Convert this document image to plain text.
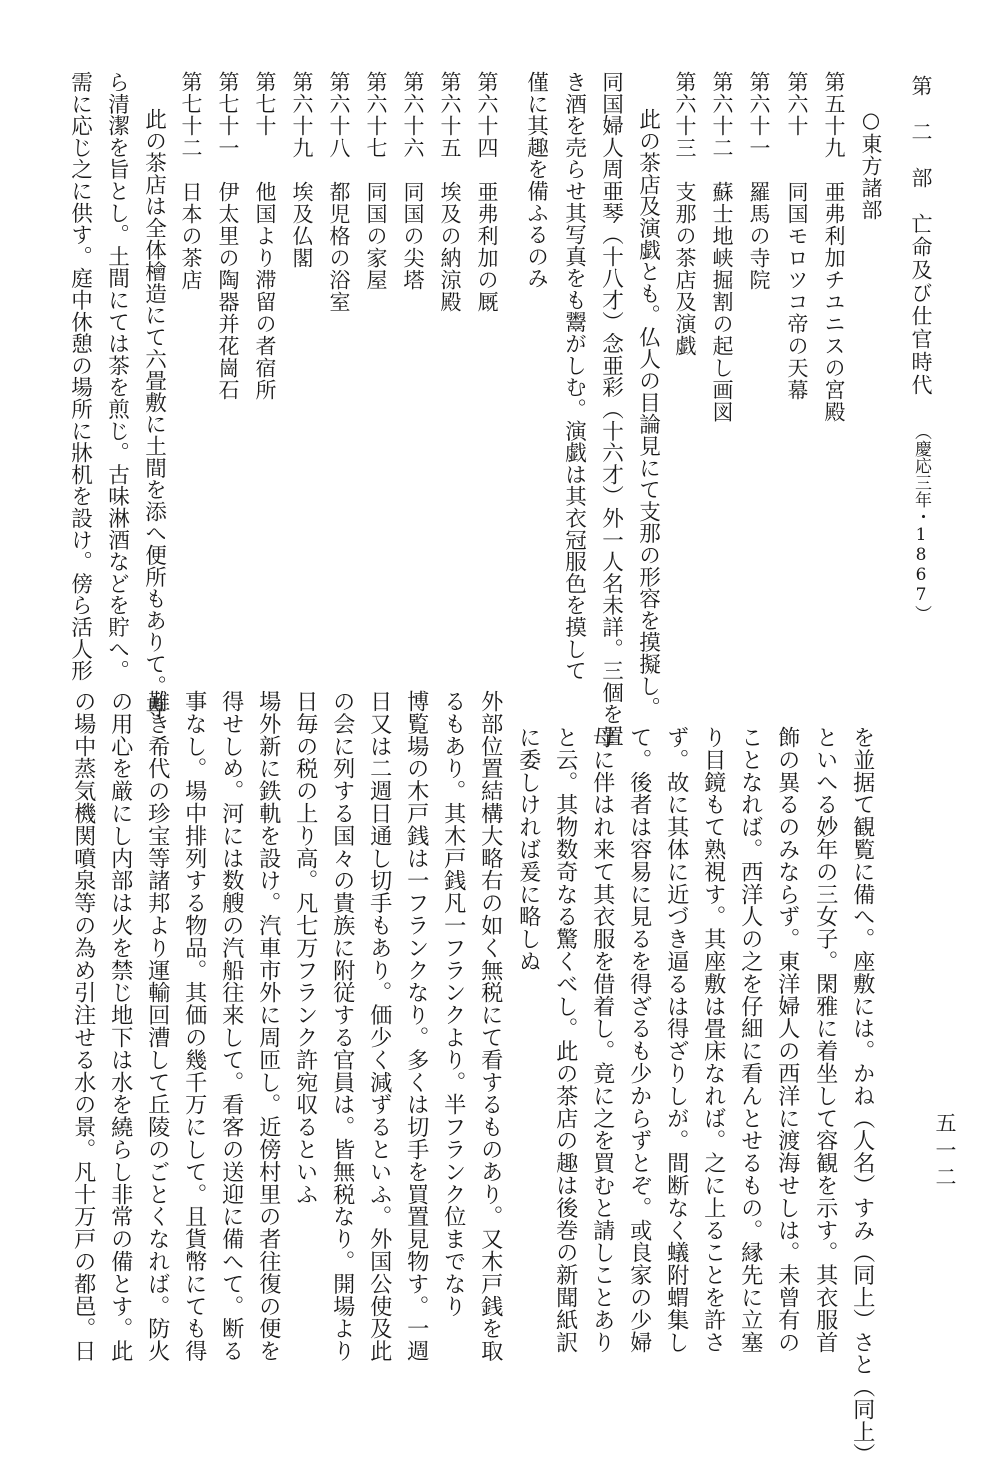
第　二　部　亡命及び仕官時代 （慶応三年・1867）
五一二
○東方諸部
第五十九　亜弗利加チユニスの宮殿
第六十　　同国モロツコ帝の天幕
第六十一　羅馬の寺院
第六十二　蘇士地峡掘割の起し画図
第六十三　支那の茶店及演戯
此の茶店及演戯とも。仏人の目論見にて支那の形容を摸擬し。
同国婦人周亜琴（十八才）念亜彩（十六才）外一人名未詳。三個を置
き酒を売らせ其写真をも鬻がしむ。演戯は其衣冠服色を摸して
僅に其趣を備ふるのみ
第六十四　亜弗利加の厩
第六十五　埃及の納涼殿
第六十六　同国の尖塔
第六十七　同国の家屋
第六十八　都児格の浴室
第六十九　埃及仏閣
第七十　　他国より滞留の者宿所
第七十一　伊太里の陶器并花崗石
第七十二　日本の茶店
此の茶店は全体檜造にて六畳敷に土間を添へ便所もありて。専
ら清潔を旨とし。土間にては茶を煎じ。古味淋酒などを貯へ。
需に応じ之に供す。庭中休憩の場所に牀机を設け。傍ら活人形
を並据て観覧に備へ。座敷には。かね（人名）すみ（同上）さと（同上）
といへる妙年の三女子。閑雅に着坐して容観を示す。其衣服首
飾の異るのみならず。東洋婦人の西洋に渡海せしは。未曾有の
ことなれば。西洋人の之を仔細に看んとせるもの。縁先に立塞
り目鏡もて熟視す。其座敷は畳床なれば。之に上ることを許さ
ず。故に其体に近づき逼るは得ざりしが。間断なく蟻附蝟集し
て。後者は容易に見るを得ざるも少からずとぞ。或良家の少婦
母に伴はれ来て其衣服を借着し。竟に之を買むと請しことあり
と云。其物数奇なる驚くべし。此の茶店の趣は後巻の新聞紙訳
に委しければ爰に略しぬ
外部位置結構大略右の如く無税にて看するものあり。又木戸銭を取
るもあり。其木戸銭凡一フランクより。半フランク位までなり
博覧場の木戸銭は一フランクなり。多くは切手を買置見物す。一週
日又は二週日通し切手もあり。価少く減ずるといふ。外国公使及此
の会に列する国々の貴族に附従する官員は。皆無税なり。開場より
日毎の税の上り高。凡七万フランク許宛収るといふ
場外新に鉄軌を設け。汽車市外に周匝し。近傍村里の者往復の便を
得せしめ。河には数艘の汽船往来して。看客の送迎に備へて。断る
事なし。場中排列する物品。其価の幾千万にして。且貨幣にても得
難き希代の珍宝等諸邦より運輸回漕して丘陵のごとくなれば。防火
の用心を厳にし内部は火を禁じ地下は水を繞らし非常の備とす。此
の場中蒸気機関噴泉等の為め引注せる水の景。凡十万戸の都邑。日
